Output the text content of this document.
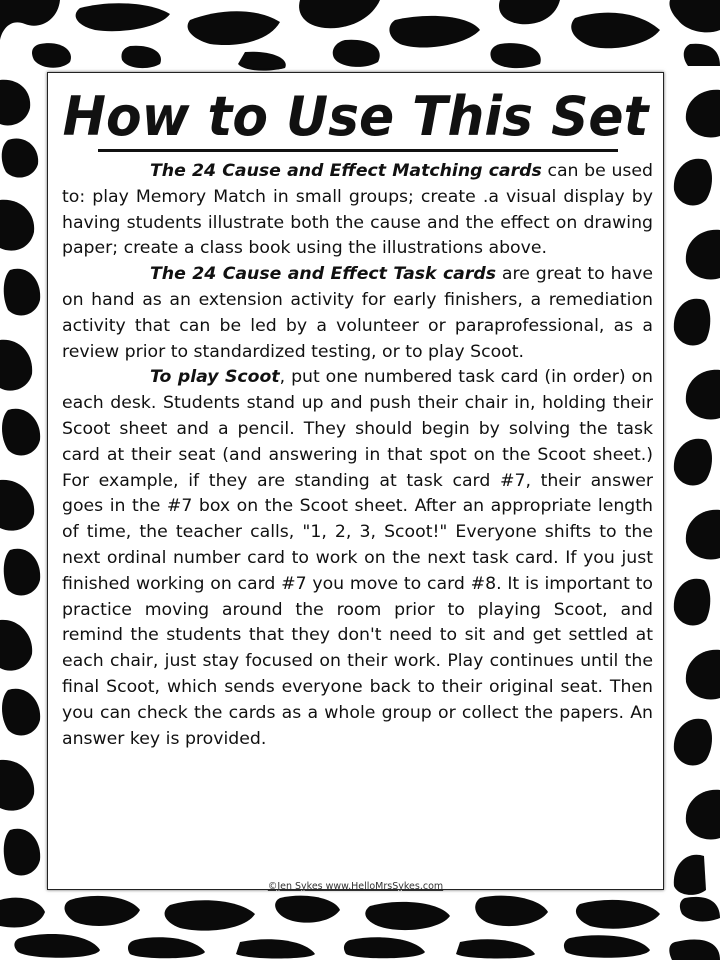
How to Use This Set

The 24 Cause and Effect Matching cards can be used to: play Memory Match in small groups; create .a visual display by having students illustrate both the cause and the effect on drawing paper; create a class book using the illustrations above.

The 24 Cause and Effect Task cards are great to have on hand as an extension activity for early finishers, a remediation activity that can be led by a volunteer or paraprofessional, as a review prior to standardized testing, or to play Scoot.

To play Scoot, put one numbered task card (in order) on each desk. Students stand up and push their chair in, holding their Scoot sheet and a pencil. They should begin by solving the task card at their seat (and answering in that spot on the Scoot sheet.) For example, if they are standing at task card #7, their answer goes in the #7 box on the Scoot sheet. After an appropriate length of time, the teacher calls, "1, 2, 3, Scoot!" Everyone shifts to the next ordinal number card to work on the next task card. If you just finished working on card #7 you move to card #8. It is important to practice moving around the room prior to playing Scoot, and remind the students that they don't need to sit and get settled at each chair, just stay focused on their work. Play continues until the final Scoot, which sends everyone back to their original seat. Then you can check the cards as a whole group or collect the papers. An answer key is provided.

©Jen Sykes www.HelloMrsSykes.com
